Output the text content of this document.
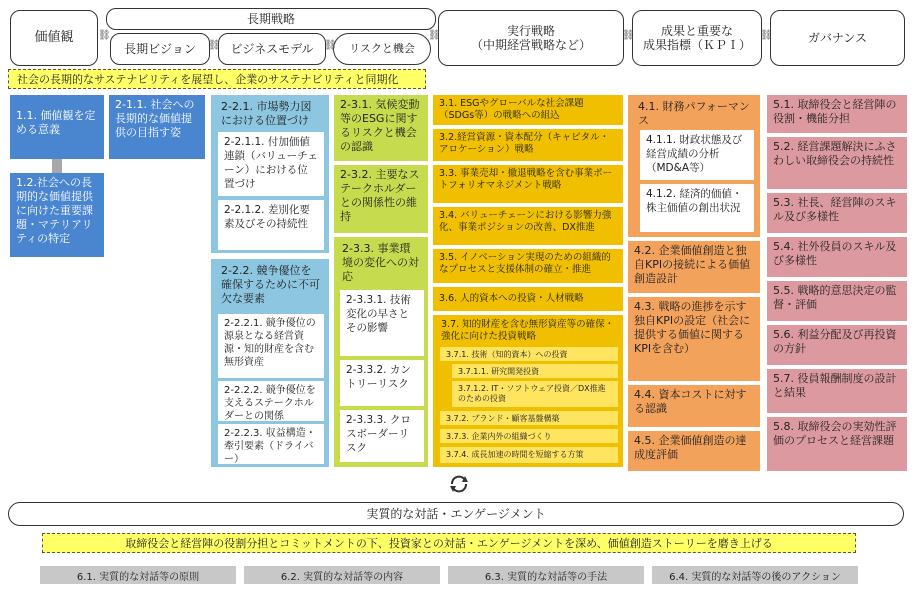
価値観
長期戦略
長期ビジョン	ビジネスモデル	リスクと機会
実行戦略
（中期経営戦略など）
成果と重要な
成果指標（ＫＰＩ）	ガバナンス
⛓
⛓	⛓
⛓	⛓	⛓
社会の長期的なサステナビリティを展望し、企業のサステナビリティと同期化
1.1. 価値観を定める意義
1.2.社会への長期的な価値提供に向けた重要課題・マテリアリティの特定
2-1.1. 社会への長期的な価値提供の目指す姿
2-2.1. 市場勢力図における位置づけ
2-2.1.1. 付加価値連鎖（バリューチェーン）における位置づけ
2-2.1.2. 差別化要素及びその持続性
2-2.2. 競争優位を確保するために不可欠な要素
2-2.2.1. 競争優位の源泉となる経営資源・知的財産を含む無形資産
2-2.2.2. 競争優位を支えるステークホルダーとの関係
2-2.2.3. 収益構造・牽引要素（ドライバー）
2-3.1. 気候変動等のESGに関するリスクと機会の認識
2-3.2. 主要なステークホルダーとの関係性の維持
2-3.3. 事業環境の変化への対応
2-3.3.1. 技術変化の早さとその影響
2-3.3.2. カントリーリスク
2-3.3.3. クロスボーダーリスク
3.1. ESGやグローバルな社会課題（SDGs等）の戦略への組込
3.2.経営資源・資本配分（キャピタル・アロケーション）戦略
3.3. 事業売却・撤退戦略を含む事業ポートフォリオマネジメント戦略
3.4. バリューチェーンにおける影響力強化、事業ポジションの改善、DX推進
3.5. イノベーション実現のための組織的なプロセスと支援体制の確立・推進
3.6. 人的資本への投資・人材戦略
3.7. 知的財産を含む無形資産等の確保・強化に向けた投資戦略
3.7.1. 技術（知的資本）への投資
3.7.1.1. 研究開発投資
3.7.1.2. IT・ソフトウェア投資／DX推進のための投資
3.7.2. ブランド・顧客基盤構築
3.7.3. 企業内外の組織づくり
3.7.4. 成長加速の時間を短縮する方策
4.1. 財務パフォーマンス
4.1.1. 財政状態及び経営成績の分析（MD&A等）
4.1.2. 経済的価値・株主価値の創出状況
4.2. 企業価値創造と独自KPIの接続による価値創造設計
4.3. 戦略の進捗を示す独自KPIの設定（社会に提供する価値に関するKPIを含む）
4.4. 資本コストに対する認識
4.5. 企業価値創造の達成度評価
5.1. 取締役会と経営陣の役割・機能分担
5.2. 経営課題解決にふさわしい取締役会の持続性
5.3. 社長、経営陣のスキル及び多様性
5.4. 社外役員のスキル及び多様性
5.5. 戦略的意思決定の監督・評価
5.6. 利益分配及び再投資の方針
5.7. 役員報酬制度の設計と結果
5.8. 取締役会の実効性評価のプロセスと経営課題
実質的な対話・エンゲージメント
取締役会と経営陣の役割分担とコミットメントの下、投資家との対話・エンゲージメントを深め、価値創造ストーリーを磨き上げる
6.1. 実質的な対話等の原則	6.2. 実質的な対話等の内容	6.3. 実質的な対話等の手法	6.4. 実質的な対話等の後のアクション
